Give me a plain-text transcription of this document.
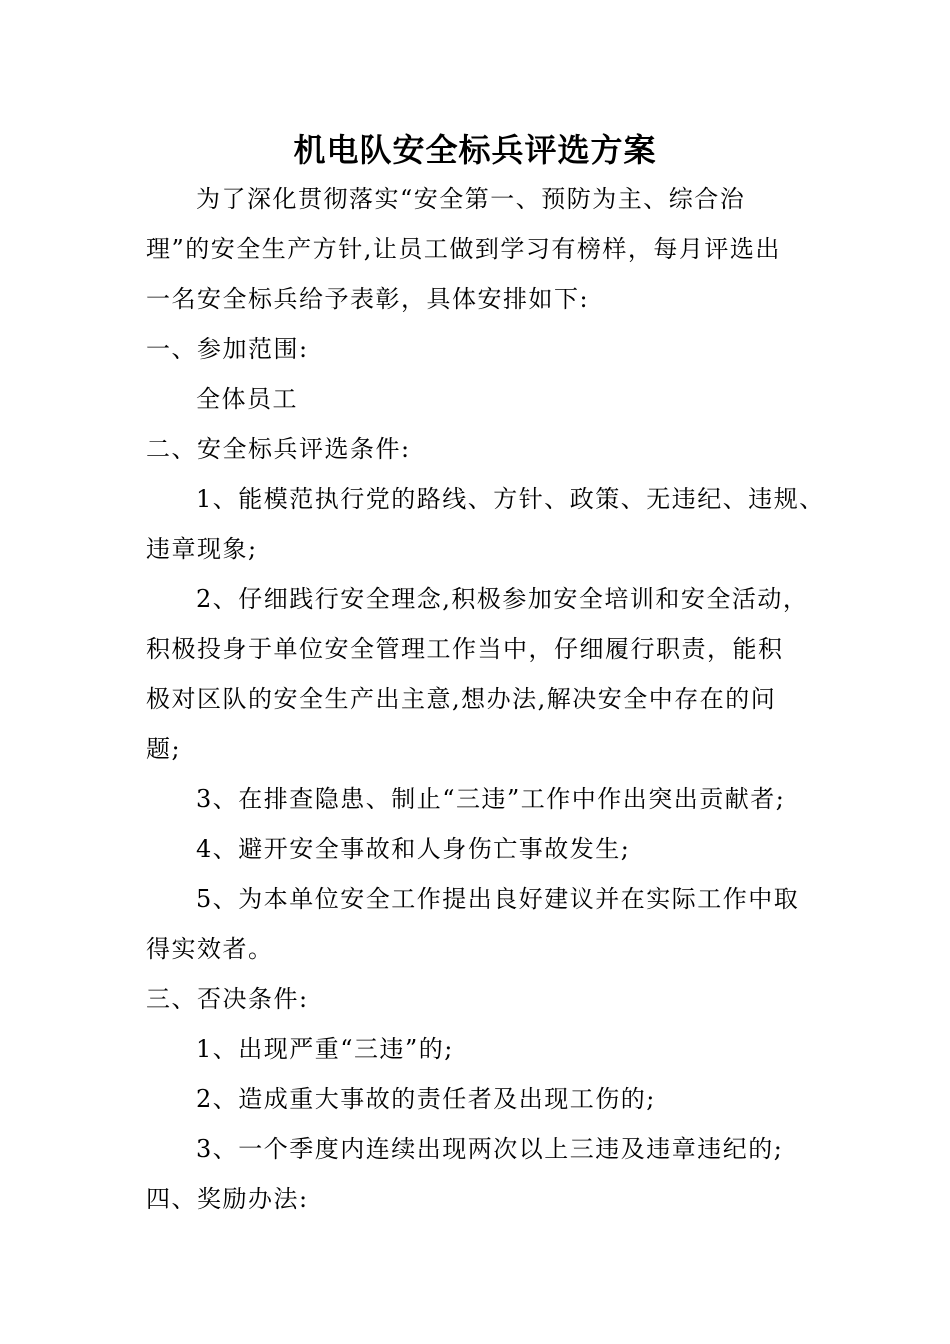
机电队安全标兵评选方案
为了深化贯彻落实“安全第一、预防为主、综合治
理”的安全生产方针,让员工做到学习有榜样，每月评选出
一名安全标兵给予表彰，具体安排如下:
一、参加范围:
全体员工
二、安全标兵评选条件:
1、能模范执行党的路线、方针、政策、无违纪、违规、
违章现象;
2、仔细践行安全理念,积极参加安全培训和安全活动，
积极投身于单位安全管理工作当中，仔细履行职责，能积
极对区队的安全生产出主意,想办法,解决安全中存在的问
题;
3、在排查隐患、制止“三违”工作中作出突出贡献者;
4、避开安全事故和人身伤亡事故发生;
5、为本单位安全工作提出良好建议并在实际工作中取
得实效者。
三、否决条件:
1、出现严重“三违”的;
2、造成重大事故的责任者及出现工伤的;
3、一个季度内连续出现两次以上三违及违章违纪的;
四、奖励办法:
